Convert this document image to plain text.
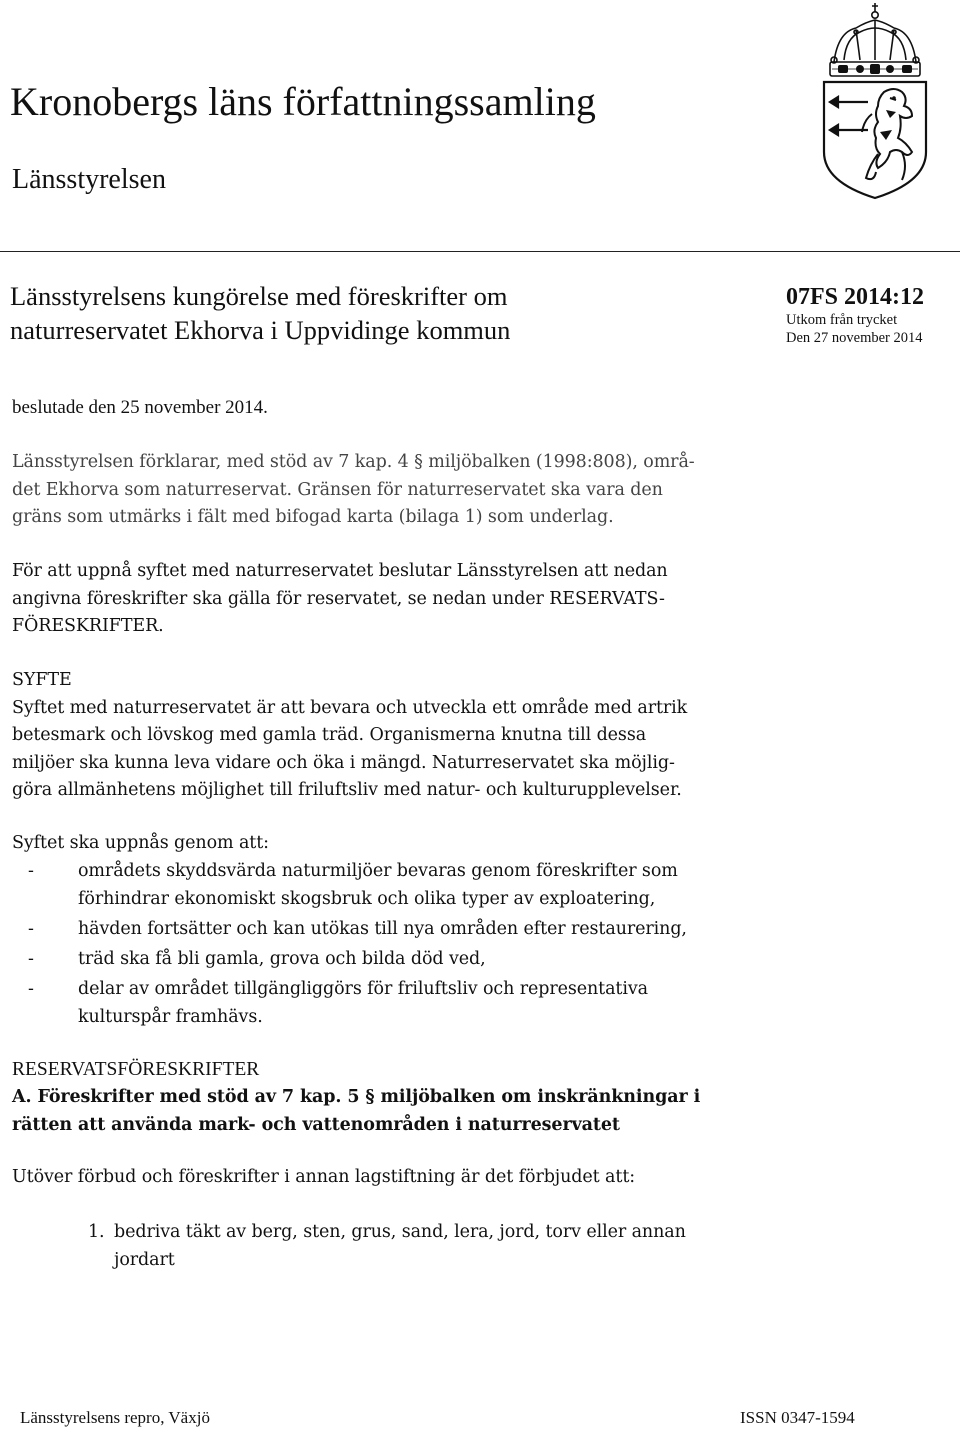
Kronobergs läns författningssamling
Länsstyrelsen
Länsstyrelsens kungörelse med föreskrifter om
naturreservatet Ekhorva i Uppvidinge kommun
07FS 2014:12
Utkom från trycket
Den 27 november 2014
beslutade den 25 november 2014.
Länsstyrelsen förklarar, med stöd av 7 kap. 4 § miljöbalken (1998:808), områ-
det Ekhorva som naturreservat. Gränsen för naturreservatet ska vara den
gräns som utmärks i fält med bifogad karta (bilaga 1) som underlag.
För att uppnå syftet med naturreservatet beslutar Länsstyrelsen att nedan
angivna föreskrifter ska gälla för reservatet, se nedan under RESERVATS-
FÖRESKRIFTER.
SYFTE
Syftet med naturreservatet är att bevara och utveckla ett område med artrik
betesmark och lövskog med gamla träd. Organismerna knutna till dessa
miljöer ska kunna leva vidare och öka i mängd. Naturreservatet ska möjlig-
göra allmänhetens möjlighet till friluftsliv med natur- och kulturupplevelser.
Syftet ska uppnås genom att:
-	områdets skyddsvärda naturmiljöer bevaras genom föreskrifter som
förhindrar ekonomiskt skogsbruk och olika typer av exploatering,
-	hävden fortsätter och kan utökas till nya områden efter restaurering,
-	träd ska få bli gamla, grova och bilda död ved,
-	delar av området tillgängliggörs för friluftsliv och representativa
kulturspår framhävs.
RESERVATSFÖRESKRIFTER
A. Föreskrifter med stöd av 7 kap. 5 § miljöbalken om inskränkningar i
rätten att använda mark- och vattenområden i naturreservatet
Utöver förbud och föreskrifter i annan lagstiftning är det förbjudet att:
1. bedriva täkt av berg, sten, grus, sand, lera, jord, torv eller annan
jordart
Länsstyrelsens repro, Växjö	ISSN 0347-1594
